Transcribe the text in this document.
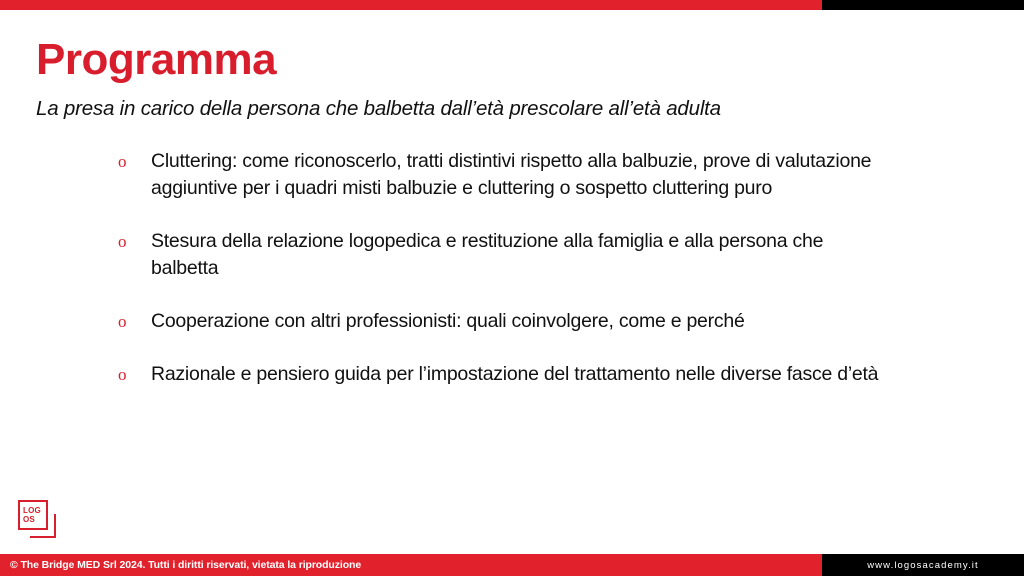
Programma
La presa in carico della persona che balbetta dall’età prescolare all’età adulta
o	Cluttering: come riconoscerlo, tratti distintivi rispetto alla balbuzie, prove di valutazione aggiuntive per i quadri misti balbuzie e cluttering o sospetto cluttering puro
o	Stesura della relazione logopedica e restituzione alla famiglia e alla persona che balbetta
o	Cooperazione con altri professionisti: quali coinvolgere, come e perché
o	Razionale e pensiero guida per l’impostazione del trattamento nelle diverse fasce d’età
LOG
OS
© The Bridge MED Srl 2024. Tutti i diritti riservati, vietata la riproduzione	www.logosacademy.it
